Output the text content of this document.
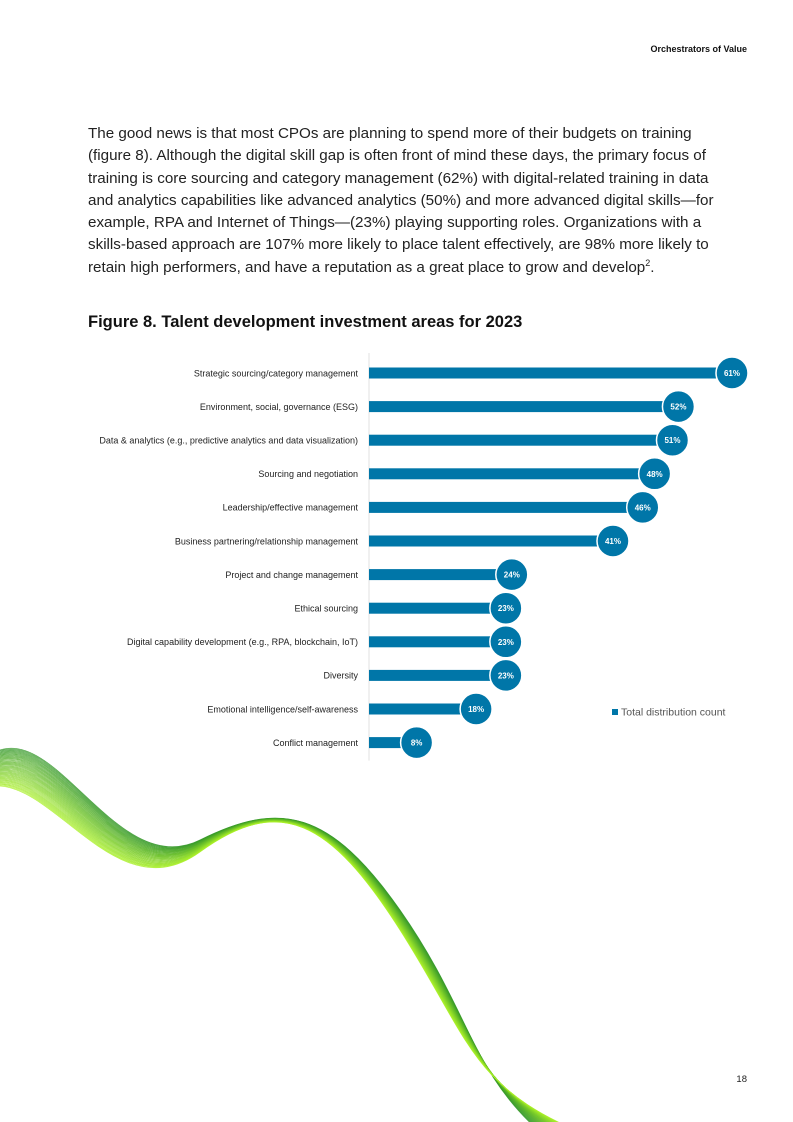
Orchestrators of Value

The good news is that most CPOs are planning to spend more of their budgets on training (figure 8). Although the digital skill gap is often front of mind these days, the primary focus of training is core sourcing and category management (62%) with digital-related training in data and analytics capabilities like advanced analytics (50%) and more advanced digital skills—for example, RPA and Internet of Things—(23%) playing supporting roles. Organizations with a skills-based approach are 107% more likely to place talent effectively, are 98% more likely to retain high performers, and have a reputation as a great place to grow and develop$^2$.

Figure 8. Talent development investment areas for 2023
Strategic sourcing/category management	61%
Environment, social, governance (ESG)	52%
Data & analytics (e.g., predictive analytics and data visualization)	51%
Sourcing and negotiation	48%
Leadership/effective management	46%
Business partnering/relationship management	41%
Project and change management	24%
Ethical sourcing	23%
Digital capability development (e.g., RPA, blockchain, IoT)	23%
Diversity	23%
Emotional intelligence/self-awareness	18%
Conflict management	8%
Total distribution count
18
